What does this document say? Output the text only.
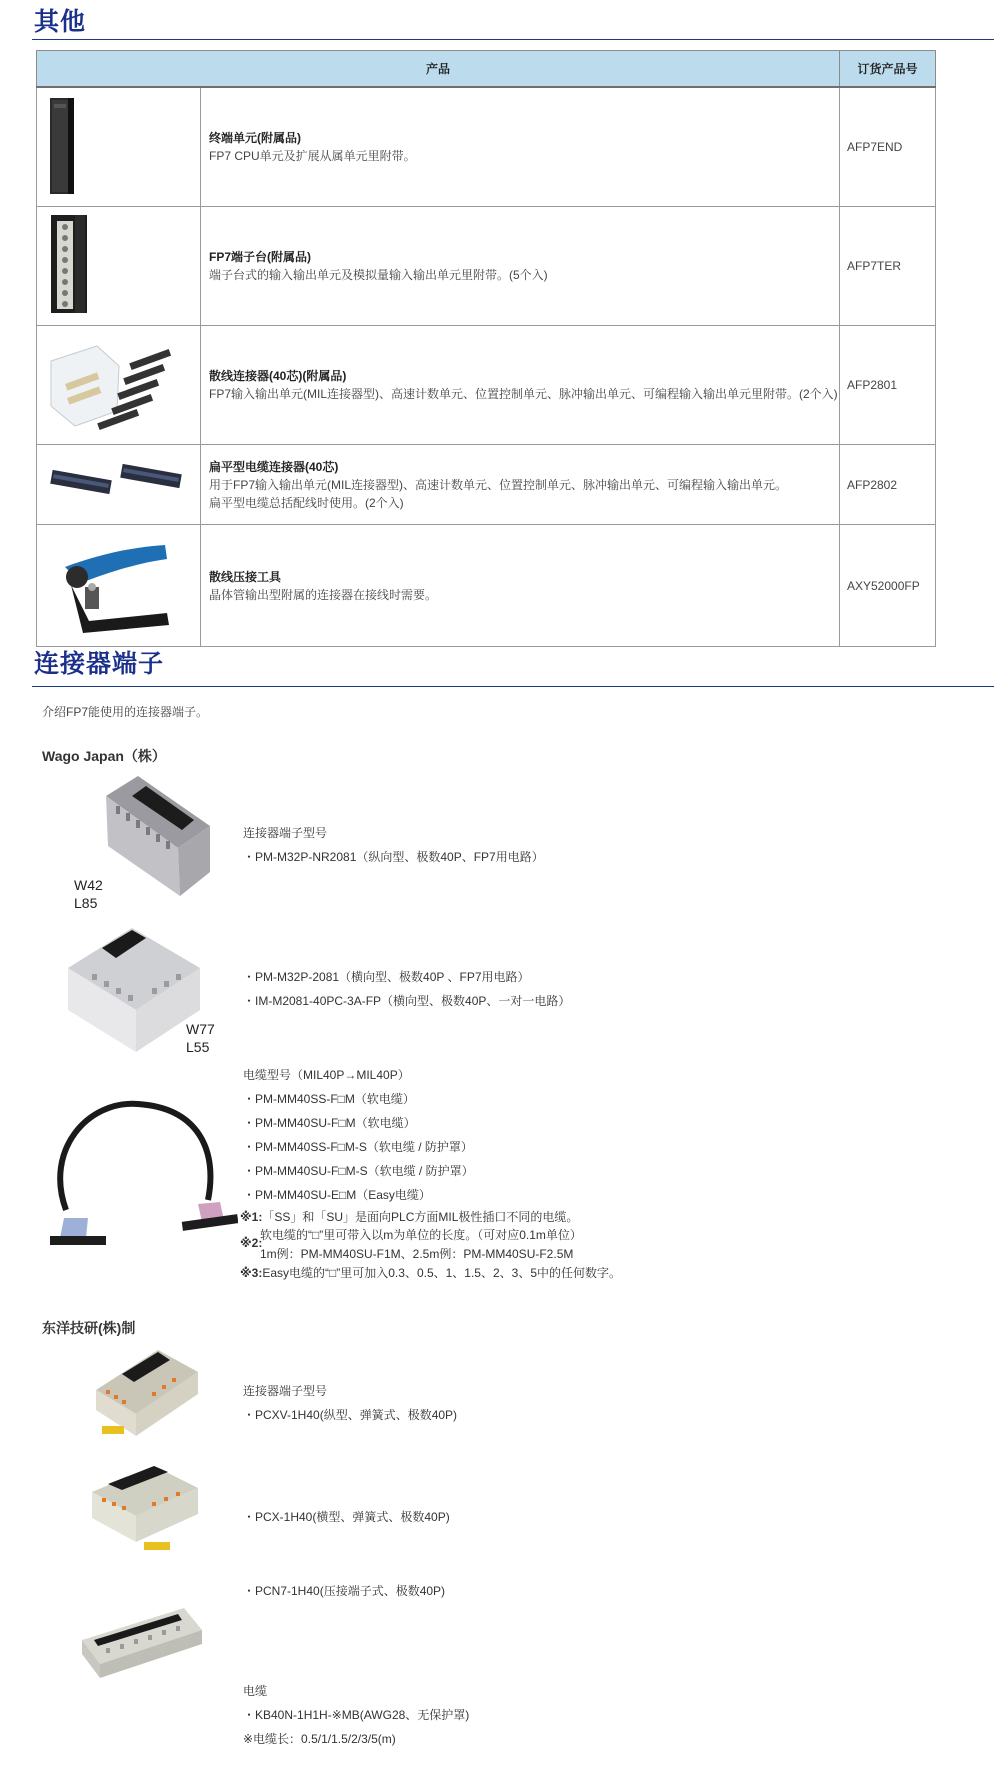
其他
产品		订货产品号

终端单元(附属品)
FP7 CPU单元及扩展从属单元里附带。	AFP7END

FP7端子台(附属品)
端子台式的输入输出单元及模拟量输入输出单元里附带。(5个入)	AFP7TER

散线连接器(40芯)(附属品)
FP7输入输出单元(MIL连接器型)、高速计数单元、位置控制单元、脉冲输出单元、可编程输入输出单元里附带。(2个入)	AFP2801

扁平型电缆连接器(40芯)
用于FP7输入输出单元(MIL连接器型)、高速计数单元、位置控制单元、脉冲输出单元、可编程输入输出单元。
扁平型电缆总括配线时使用。(2个入)	AFP2802

散线压接工具
晶体管输出型附属的连接器在接线时需要。	AXY52000FP
连接器端子
介绍FP7能使用的连接器端子。
Wago Japan（株）
W42
L85
连接器端子型号
・PM-M32P-NR2081（纵向型、极数40P、FP7用电路）
W77
L55
・PM-M32P-2081（横向型、极数40P 、FP7用电路）
・IM-M2081-40PC-3A-FP（横向型、极数40P、一对一电路）
电缆型号（MIL40P→MIL40P）
・PM-MM40SS-F□M（软电缆）
・PM-MM40SU-F□M（软电缆）
・PM-MM40SS-F□M-S（软电缆 / 防护罩）
・PM-MM40SU-F□M-S（软电缆 / 防护罩）
・PM-MM40SU-E□M（Easy电缆）
※1:「SS」和「SU」是面向PLC方面MIL极性插口不同的电缆。
软电缆的“□”里可带入以m为单位的长度。（可对应0.1m单位）
※2:
1m例：PM-MM40SU-F1M、2.5m例：PM-MM40SU-F2.5M
※3:Easy电缆的“□”里可加入0.3、0.5、1、1.5、2、3、5中的任何数字。
东洋技研(株)制
连接器端子型号
・PCXV-1H40(纵型、弹簧式、极数40P)
・PCX-1H40(横型、弹簧式、极数40P)
・PCN7-1H40(压接端子式、极数40P)
电缆
・KB40N-1H1H-※MB(AWG28、无保护罩)
※电缆长：0.5/1/1.5/2/3/5(m)
